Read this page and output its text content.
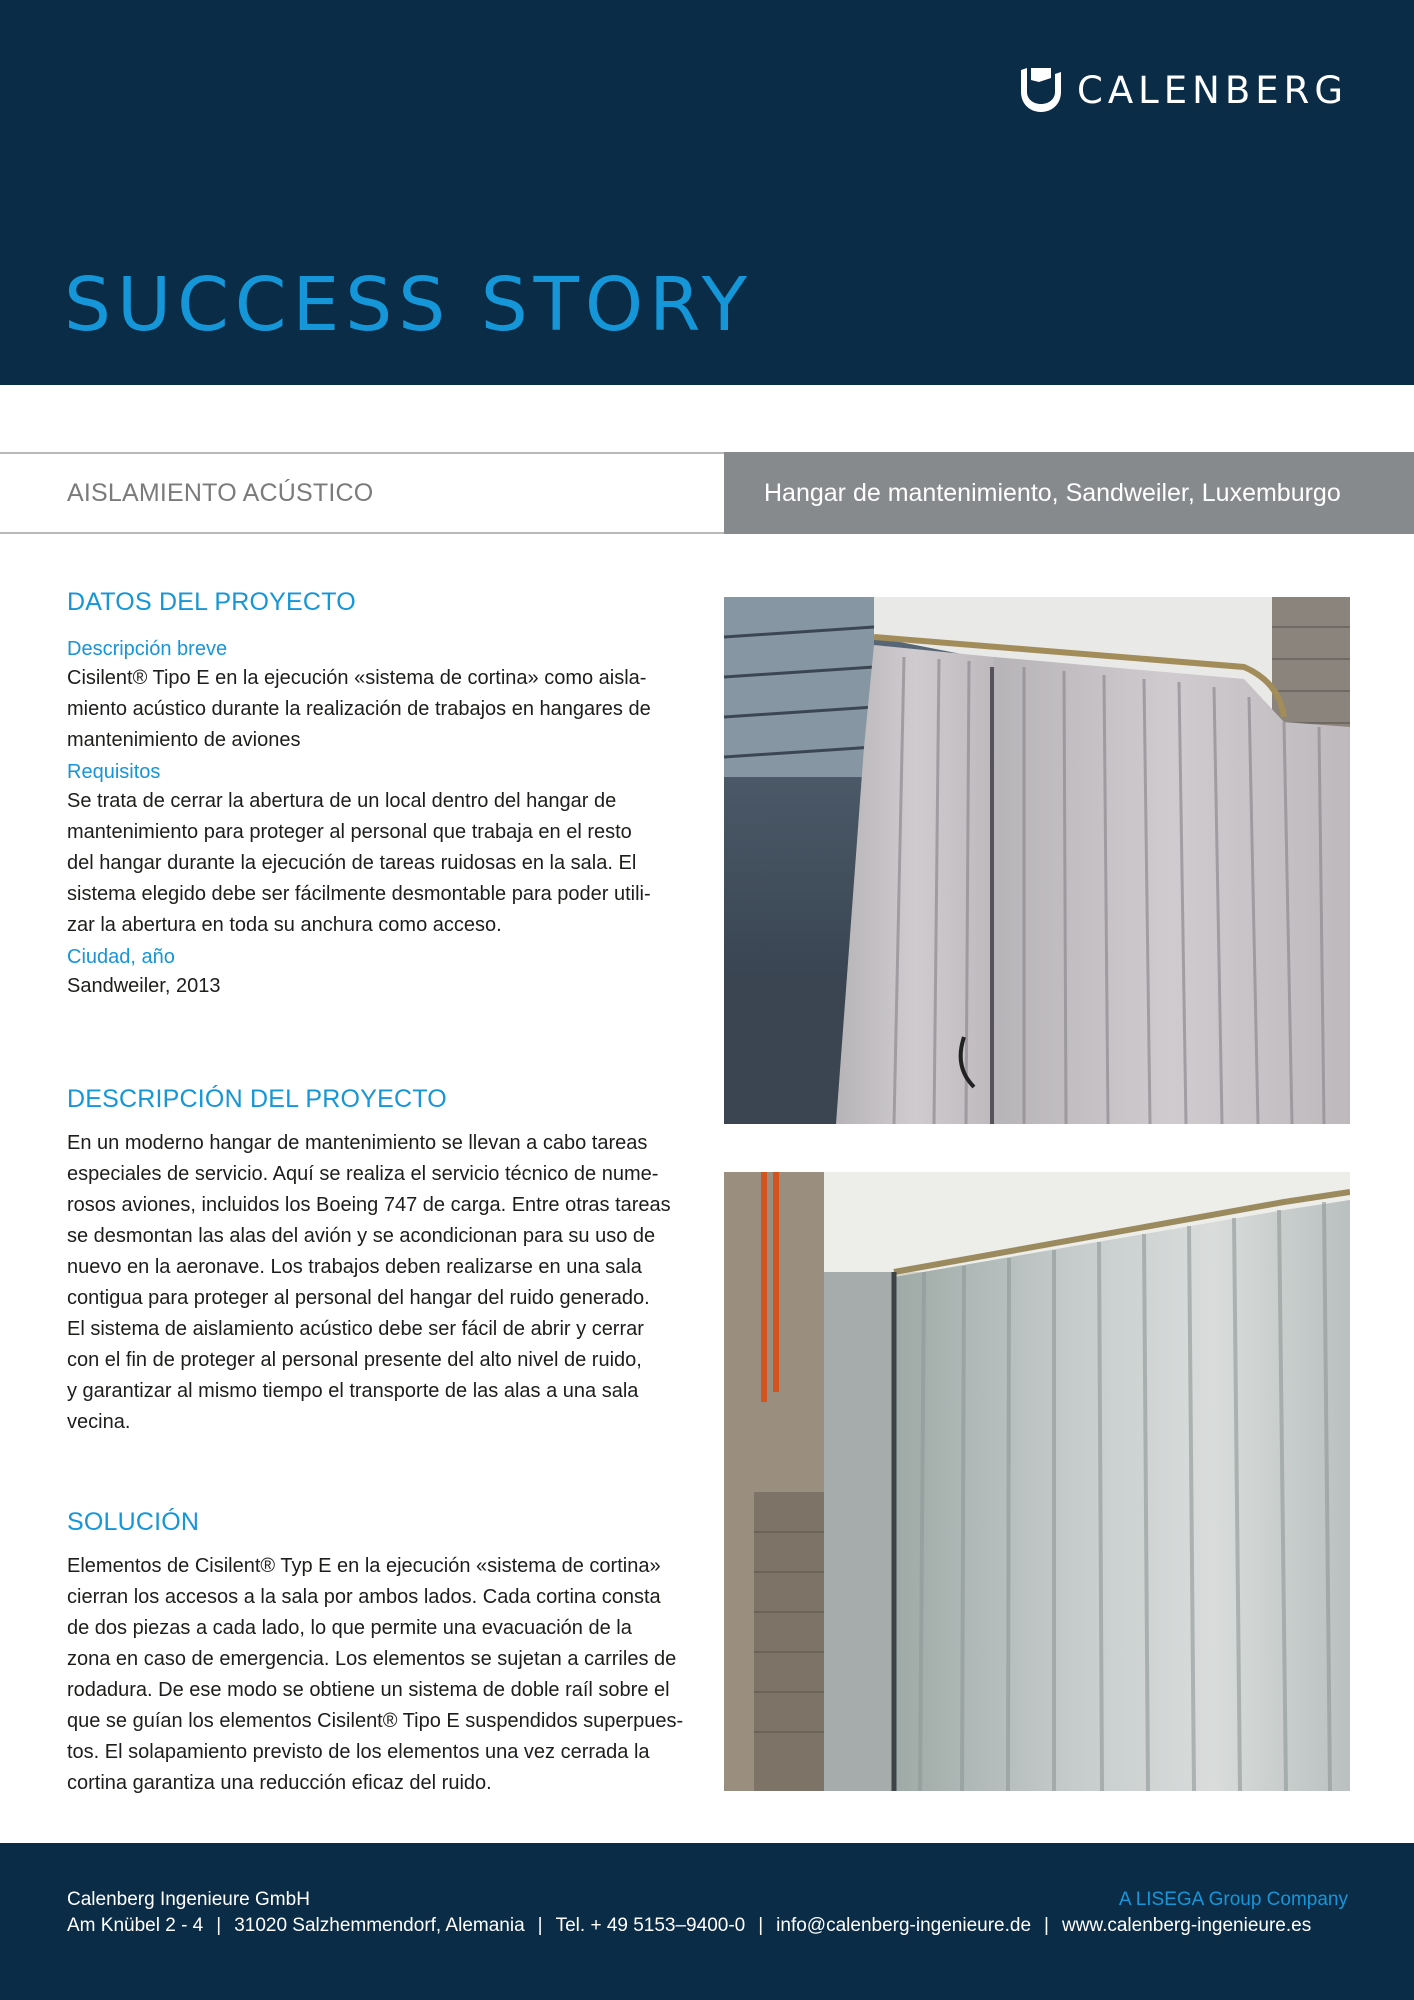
CALENBERG
SUCCESS STORY
AISLAMIENTO ACÚSTICO	Hangar de mantenimiento, Sandweiler, Luxemburgo
DATOS DEL PROYECTO
Descripción breve

Cisilent® Tipo E en la ejecución «sistema de cortina» como aisla-
miento acústico durante la realización de trabajos en hangares de
mantenimiento de aviones

Requisitos

Se trata de cerrar la abertura de un local dentro del hangar de
mantenimiento para proteger al personal que trabaja en el resto
del hangar durante la ejecución de tareas ruidosas en la sala. El
sistema elegido debe ser fácilmente desmontable para poder utili-
zar la abertura en toda su anchura como acceso.

Ciudad, año

Sandweiler, 2013

DESCRIPCIÓN DEL PROYECTO

En un moderno hangar de mantenimiento se llevan a cabo tareas
especiales de servicio. Aquí se realiza el servicio técnico de nume-
rosos aviones, incluidos los Boeing 747 de carga. Entre otras tareas
se desmontan las alas del avión y se acondicionan para su uso de
nuevo en la aeronave. Los trabajos deben realizarse en una sala
contigua para proteger al personal del hangar del ruido generado.
El sistema de aislamiento acústico debe ser fácil de abrir y cerrar
con el fin de proteger al personal presente del alto nivel de ruido,
y garantizar al mismo tiempo el transporte de las alas a una sala
vecina.

SOLUCIÓN

Elementos de Cisilent® Typ E en la ejecución «sistema de cortina»
cierran los accesos a la sala por ambos lados. Cada cortina consta
de dos piezas a cada lado, lo que permite una evacuación de la
zona en caso de emergencia. Los elementos se sujetan a carriles de
rodadura. De ese modo se obtiene un sistema de doble raíl sobre el
que se guían los elementos Cisilent® Tipo E suspendidos superpues-
tos. El solapamiento previsto de los elementos una vez cerrada la
cortina garantiza una reducción eficaz del ruido.

Calenberg Ingenieure GmbH	A LISEGA Group Company
Am Knübel 2 - 4 | 31020 Salzhemmendorf, Alemania | Tel. + 49 5153–9400-0 | info@calenberg-ingenieure.de | www.calenberg-ingenieure.es
